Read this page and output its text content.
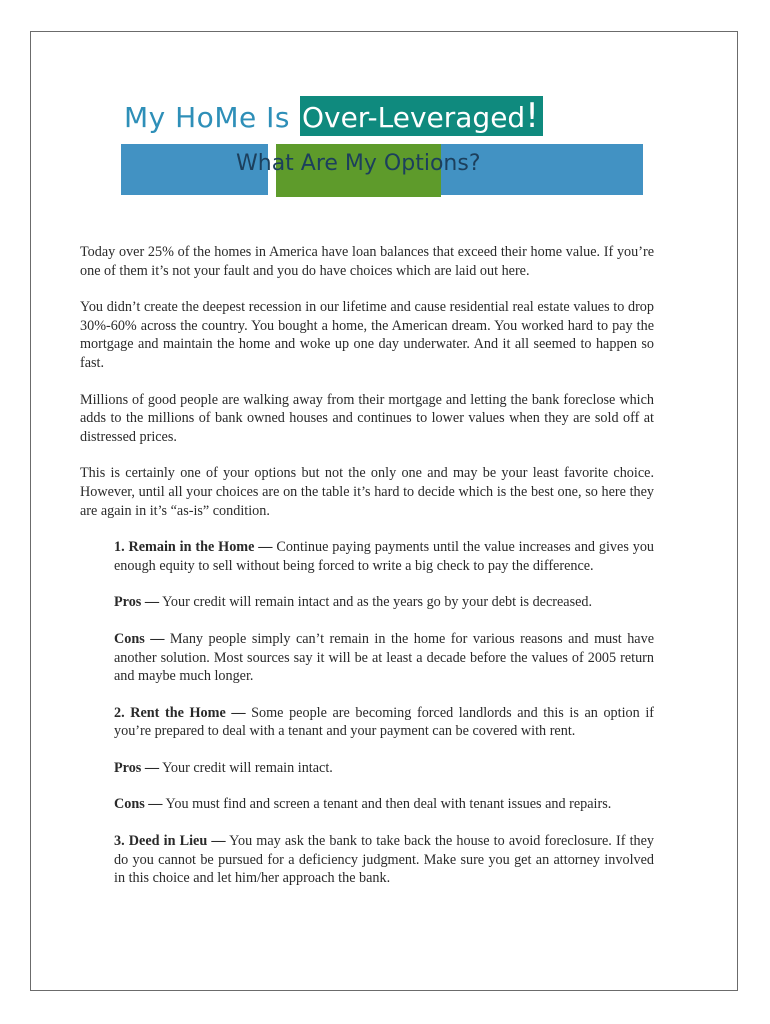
My HoMe Is Over-Leveraged!
What Are My Options?

Today over 25% of the homes in America have loan balances that exceed their home value. If you’re one of them it’s not your fault and you do have choices which are laid out here.

You didn’t create the deepest recession in our lifetime and cause residential real estate values to drop 30%-60% across the country. You bought a home, the American dream. You worked hard to pay the mortgage and maintain the home and woke up one day underwater. And it all seemed to happen so fast.

Millions of good people are walking away from their mortgage and letting the bank foreclose which adds to the millions of bank owned houses and continues to lower values when they are sold off at distressed prices.

This is certainly one of your options but not the only one and may be your least favorite choice. However, until all your choices are on the table it’s hard to decide which is the best one, so here they are again in it’s “as-is” condition.

1. Remain in the Home — Continue paying payments until the value increases and gives you enough equity to sell without being forced to write a big check to pay the difference.

Pros — Your credit will remain intact and as the years go by your debt is decreased.

Cons — Many people simply can’t remain in the home for various reasons and must have another solution. Most sources say it will be at least a decade before the values of 2005 return and maybe much longer.

2. Rent the Home — Some people are becoming forced landlords and this is an option if you’re prepared to deal with a tenant and your payment can be covered with rent.

Pros — Your credit will remain intact.

Cons — You must find and screen a tenant and then deal with tenant issues and repairs.

3. Deed in Lieu — You may ask the bank to take back the house to avoid foreclosure. If they do you cannot be pursued for a deficiency judgment. Make sure you get an attorney involved in this choice and let him/her approach the bank.
